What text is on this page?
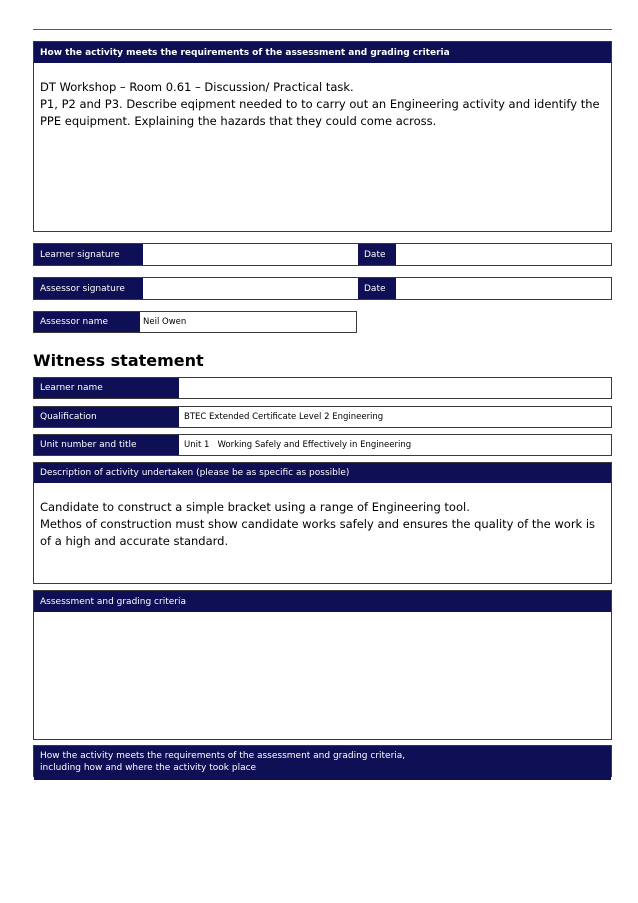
How the activity meets the requirements of the assessment and grading criteria
DT Workshop – Room 0.61 – Discussion/ Practical task.
P1, P2 and P3. Describe eqipment needed to to carry out an Engineering activity and identify the PPE equipment. Explaining the hazards that they could come across.
Learner signature	Date
Assessor signature	Date
Assessor name	Neil Owen
Witness statement
Learner name
Qualification	BTEC Extended Certificate Level 2 Engineering
Unit number and title	Unit 1   Working Safely and Effectively in Engineering
Description of activity undertaken (please be as specific as possible)
Candidate to construct a simple bracket using a range of Engineering tool.
Methos of construction must show candidate works safely and ensures the quality of the work is of a high and accurate standard.
Assessment and grading criteria
How the activity meets the requirements of the assessment and grading criteria,
including how and where the activity took place
